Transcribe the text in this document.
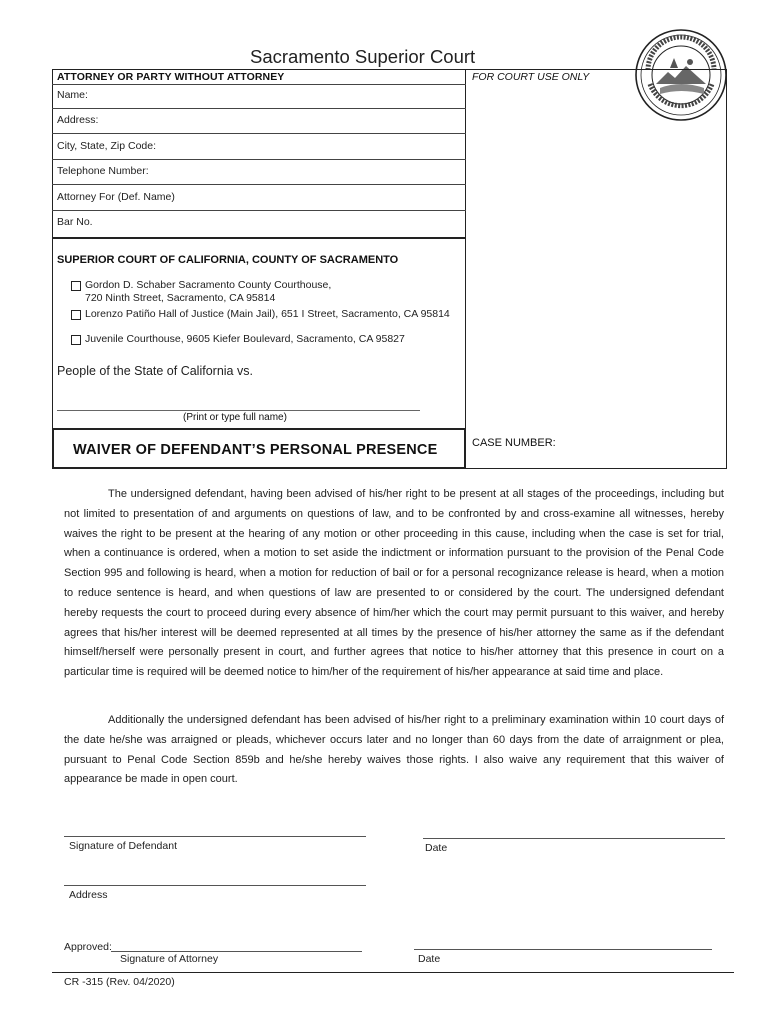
Sacramento Superior Court
ATTORNEY OR PARTY WITHOUT ATTORNEY	FOR COURT USE ONLY
Name:
Address:
City, State, Zip Code:
Telephone Number:
Attorney For (Def. Name)
Bar No.
SUPERIOR COURT OF CALIFORNIA, COUNTY OF SACRAMENTO
Gordon D. Schaber Sacramento County Courthouse,
720 Ninth Street, Sacramento, CA 95814
Lorenzo Patiño Hall of Justice (Main Jail), 651 I Street, Sacramento, CA 95814
Juvenile Courthouse, 9605 Kiefer Boulevard, Sacramento, CA 95827
People of the State of California vs.
(Print or type full name)
WAIVER OF DEFENDANT’S PERSONAL PRESENCE	CASE NUMBER:
The undersigned defendant, having been advised of his/her right to be present at all stages of the proceedings, including but not limited to presentation of and arguments on questions of law, and to be confronted by and cross-examine all witnesses, hereby waives the right to be present at the hearing of any motion or other proceeding in this cause, including when the case is set for trial, when a continuance is ordered, when a motion to set aside the indictment or information pursuant to the provision of the Penal Code Section 995 and following is heard, when a motion for reduction of bail or for a personal recognizance release is heard, when a motion to reduce sentence is heard, and when questions of law are presented to or considered by the court. The undersigned defendant hereby requests the court to proceed during every absence of him/her which the court may permit pursuant to this waiver, and hereby agrees that his/her interest will be deemed represented at all times by the presence of his/her attorney the same as if the defendant himself/herself were personally present in court, and further agrees that notice to his/her attorney that this presence in court on a particular time is required will be deemed notice to him/her of the requirement of his/her appearance at said time and place.
Additionally the undersigned defendant has been advised of his/her right to a preliminary examination within 10 court days of the date he/she was arraigned or pleads, whichever occurs later and no longer than 60 days from the date of arraignment or plea, pursuant to Penal Code Section 859b and he/she hereby waives those rights. I also waive any requirement that this waiver of appearance be made in open court.
Signature of Defendant	Date
Address
Approved:
Signature of Attorney	Date
CR -315 (Rev. 04/2020)
